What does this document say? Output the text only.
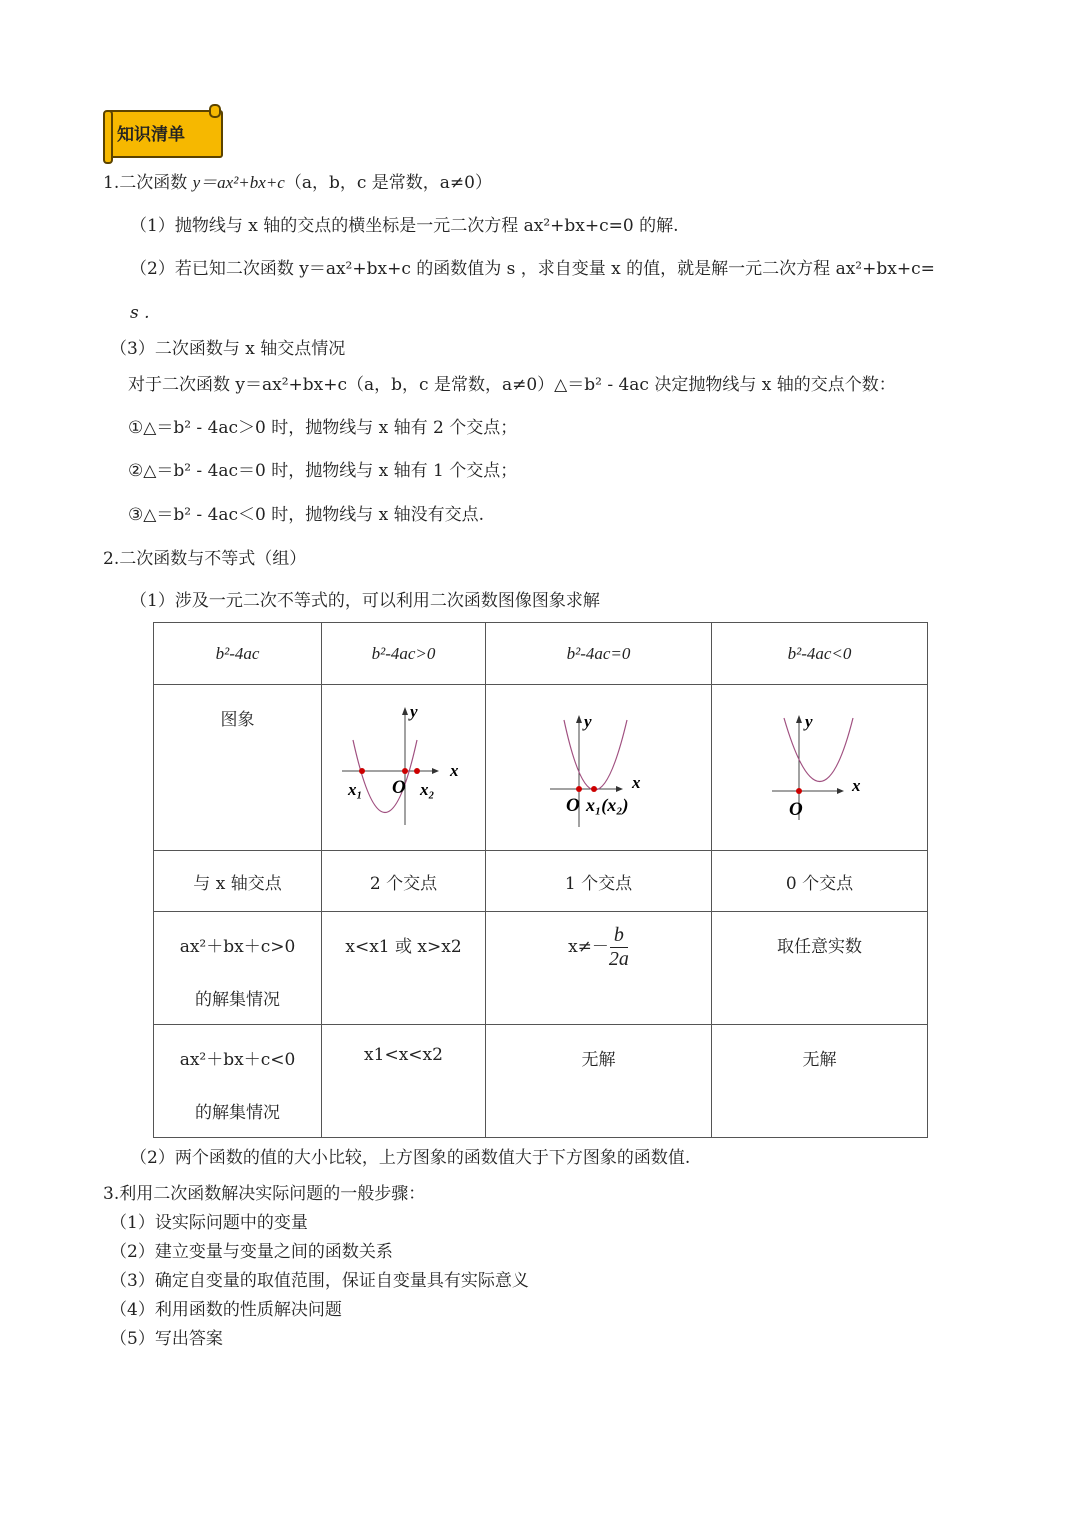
知识清单
1.二次函数 y＝ax²+bx+c（a，b，c 是常数，a≠0）
（1）抛物线与 x 轴的交点的横坐标是一元二次方程 ax²+bx+c=0 的解.
（2）若已知二次函数 y＝ax²+bx+c 的函数值为 s ，求自变量 x 的值，就是解一元二次方程 ax²+bx+c=
s .
（3）二次函数与 x 轴交点情况
对于二次函数 y＝ax²+bx+c（a，b，c 是常数，a≠0）△＝b² - 4ac 决定抛物线与 x 轴的交点个数：
①△＝b² - 4ac＞0 时，抛物线与 x 轴有 2 个交点；
②△＝b² - 4ac＝0 时，抛物线与 x 轴有 1 个交点；
③△＝b² - 4ac＜0 时，抛物线与 x 轴没有交点.
2.二次函数与不等式（组）
（1）涉及一元二次不等式的，可以利用二次函数图像图象求解
b²-4ac	b²-4ac>0	b²-4ac=0	b²-4ac<0

图象	y
x
x₁ O x₂	y
x
O x₁(x₂)	y
x
O

与 x 轴交点	2 个交点	1 个交点	0 个交点

ax²＋bx＋c>0
的解集情况	x<x1 或 x>x2	$x\ne- \frac{b}{2a}$	取任意实数

ax²＋bx＋c<0
的解集情况	x1<x<x2	无解	无解
（2）两个函数的值的大小比较，上方图象的函数值大于下方图象的函数值.
3.利用二次函数解决实际问题的一般步骤：
（1）设实际问题中的变量
（2）建立变量与变量之间的函数关系
（3）确定自变量的取值范围，保证自变量具有实际意义
（4）利用函数的性质解决问题
（5）写出答案
